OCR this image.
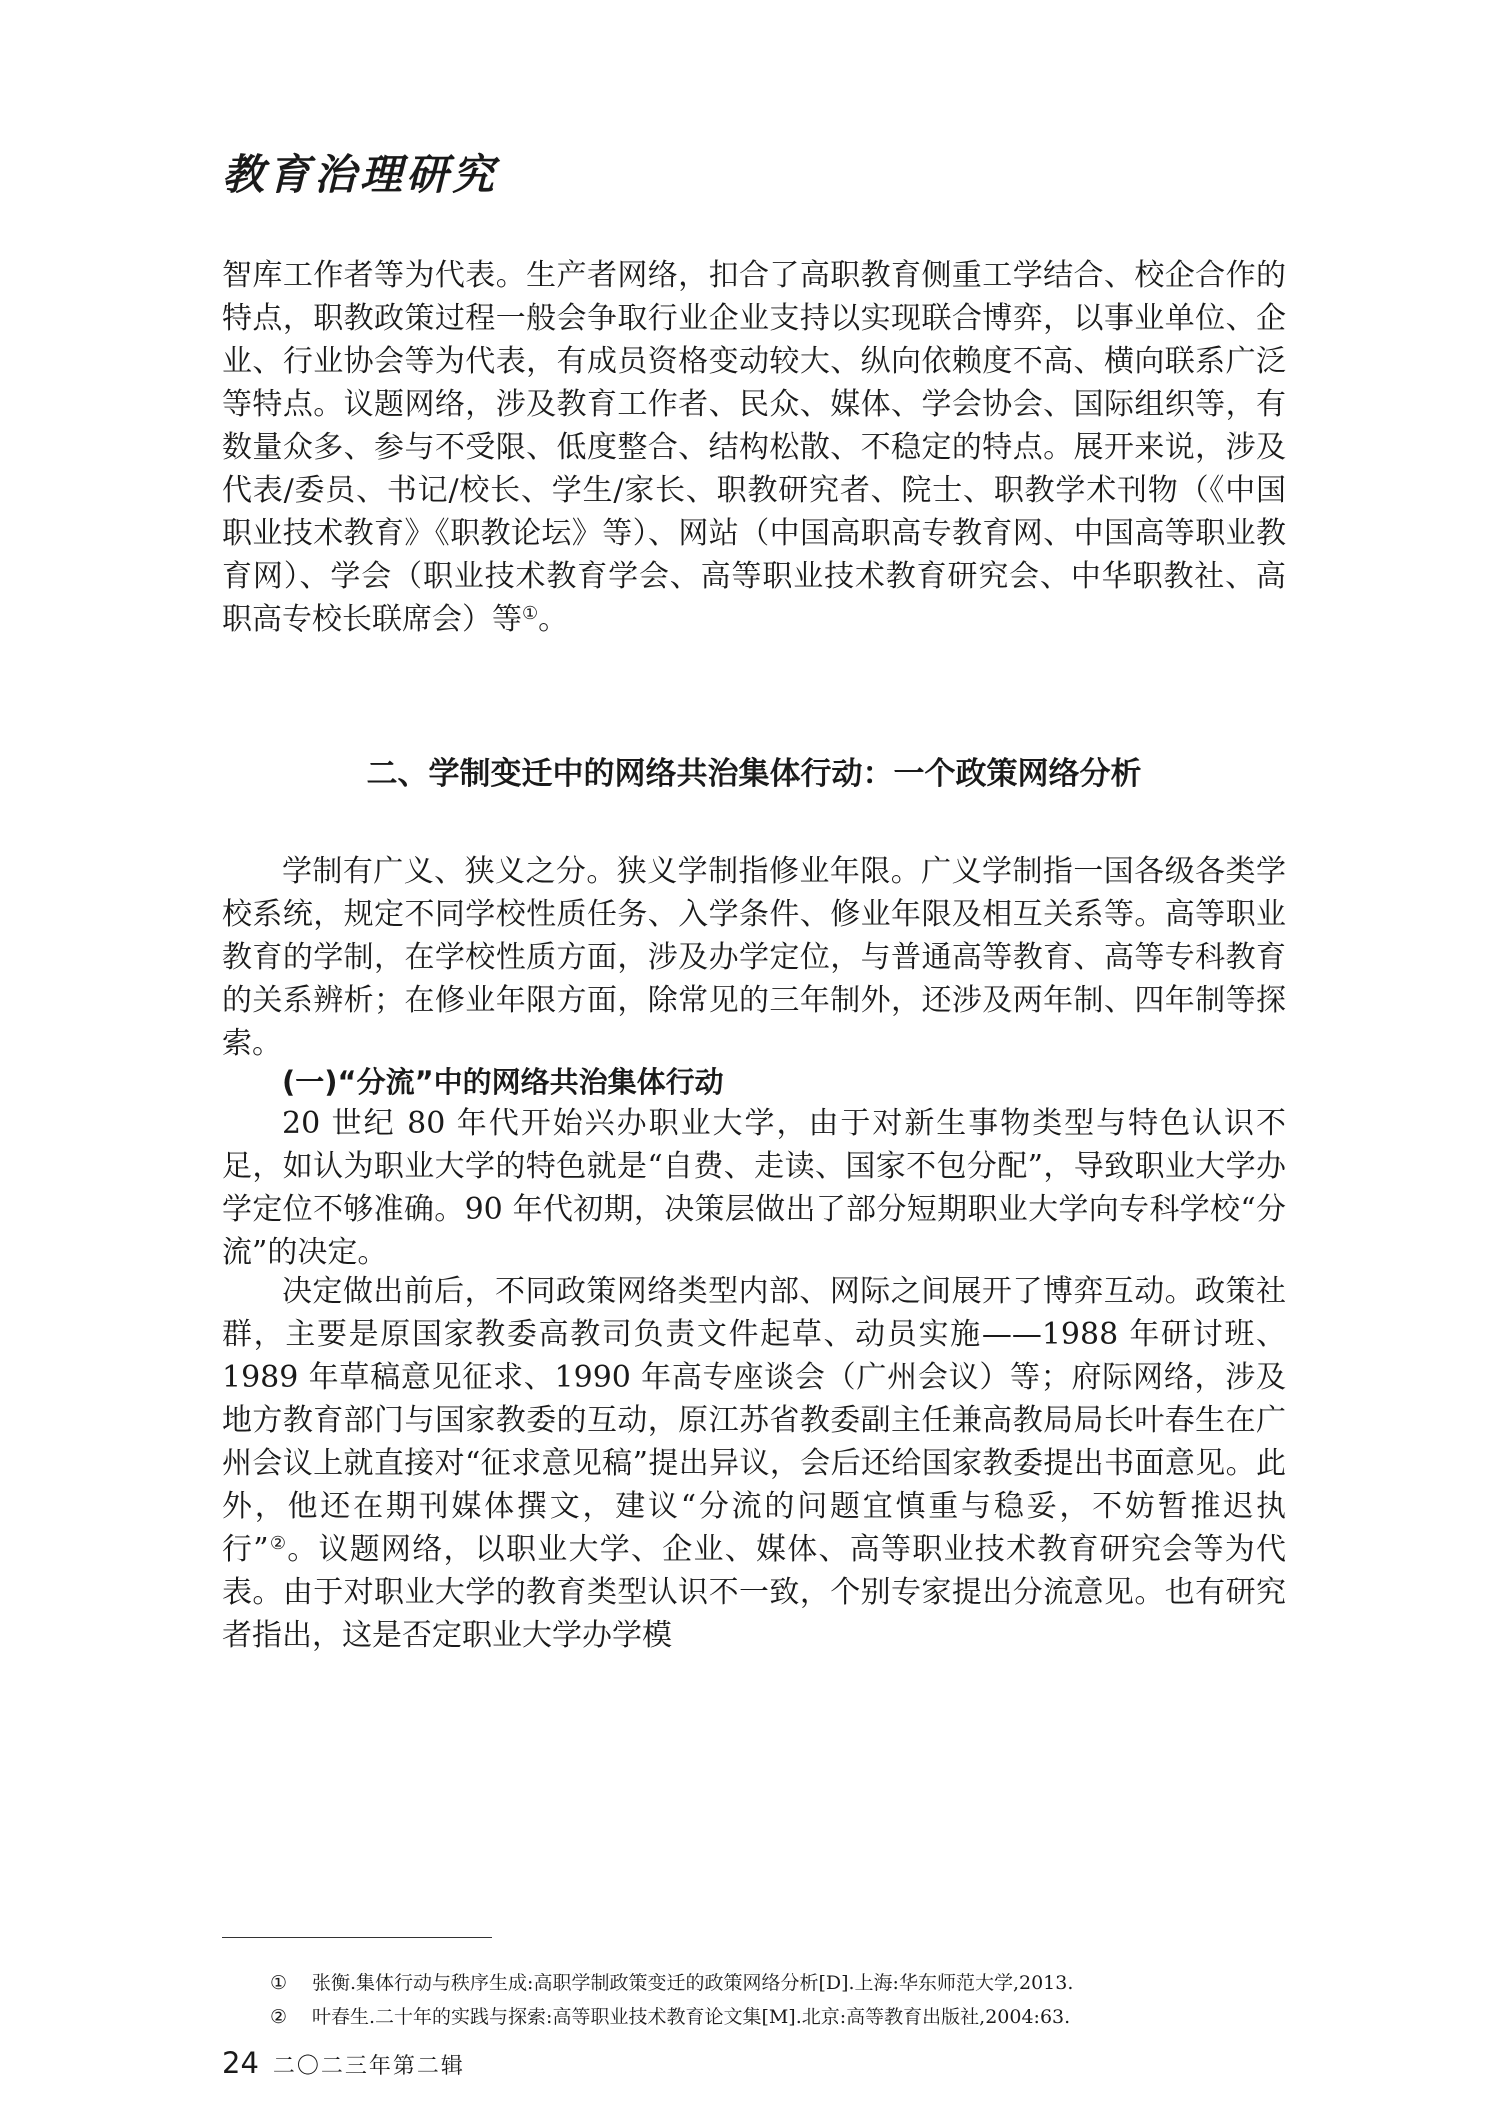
教育治理研究

智库工作者等为代表。生产者网络，扣合了高职教育侧重工学结合、校企合作的特点，职教政策过程一般会争取行业企业支持以实现联合博弈，以事业单位、企业、行业协会等为代表，有成员资格变动较大、纵向依赖度不高、横向联系广泛等特点。议题网络，涉及教育工作者、民众、媒体、学会协会、国际组织等，有数量众多、参与不受限、低度整合、结构松散、不稳定的特点。展开来说，涉及代表/委员、书记/校长、学生/家长、职教研究者、院士、职教学术刊物（《中国职业技术教育》《职教论坛》等）、网站（中国高职高专教育网、中国高等职业教育网）、学会（职业技术教育学会、高等职业技术教育研究会、中华职教社、高职高专校长联席会）等①。

二、学制变迁中的网络共治集体行动：一个政策网络分析

学制有广义、狭义之分。狭义学制指修业年限。广义学制指一国各级各类学校系统，规定不同学校性质任务、入学条件、修业年限及相互关系等。高等职业教育的学制，在学校性质方面，涉及办学定位，与普通高等教育、高等专科教育的关系辨析；在修业年限方面，除常见的三年制外，还涉及两年制、四年制等探索。

(一)“分流”中的网络共治集体行动

20 世纪 80 年代开始兴办职业大学，由于对新生事物类型与特色认识不足，如认为职业大学的特色就是“自费、走读、国家不包分配”，导致职业大学办学定位不够准确。90 年代初期，决策层做出了部分短期职业大学向专科学校“分流”的决定。

决定做出前后，不同政策网络类型内部、网际之间展开了博弈互动。政策社群，主要是原国家教委高教司负责文件起草、动员实施——1988 年研讨班、1989 年草稿意见征求、1990 年高专座谈会（广州会议）等；府际网络，涉及地方教育部门与国家教委的互动，原江苏省教委副主任兼高教局局长叶春生在广州会议上就直接对“征求意见稿”提出异议，会后还给国家教委提出书面意见。此外，他还在期刊媒体撰文，建议“分流的问题宜慎重与稳妥，不妨暂推迟执行”②。议题网络，以职业大学、企业、媒体、高等职业技术教育研究会等为代表。由于对职业大学的教育类型认识不一致，个别专家提出分流意见。也有研究者指出，这是否定职业大学办学模

① 张衡.集体行动与秩序生成:高职学制政策变迁的政策网络分析[D].上海:华东师范大学,2013.

② 叶春生.二十年的实践与探索:高等职业技术教育论文集[M].北京:高等教育出版社,2004:63.

24 二〇二三年第二辑
